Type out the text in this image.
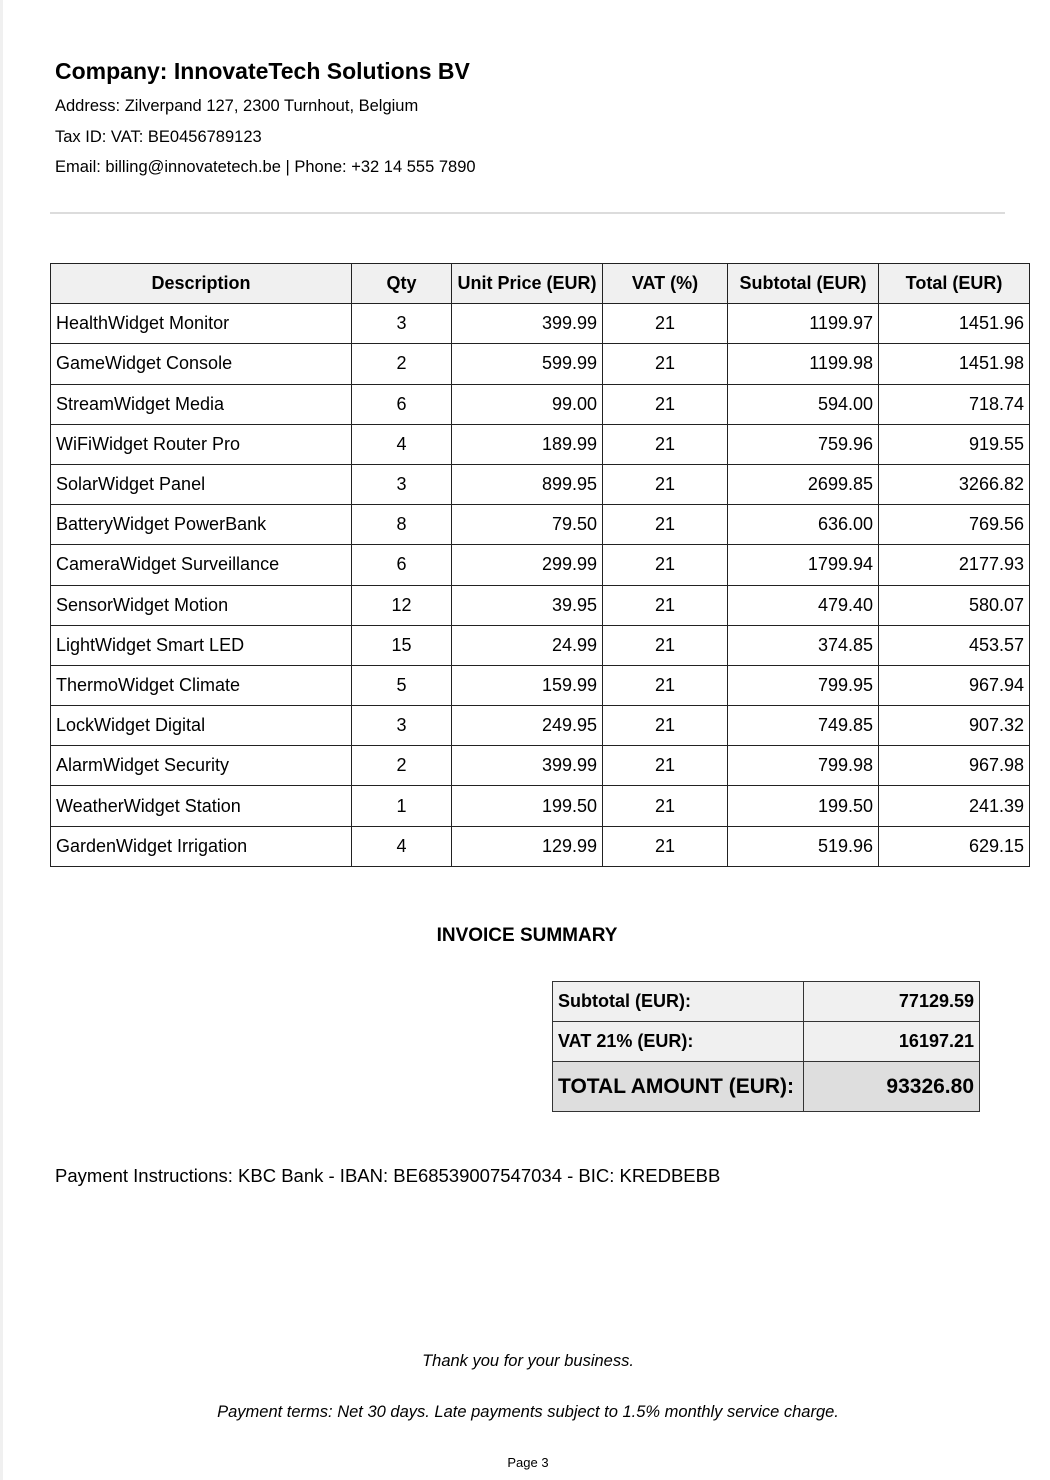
Company: InnovateTech Solutions BV
Address: Zilverpand 127, 2300 Turnhout, Belgium
Tax ID: VAT: BE0456789123
Email: billing@innovatetech.be | Phone: +32 14 555 7890
Description	Qty	Unit Price (EUR)	VAT (%)	Subtotal (EUR)	Total (EUR)
HealthWidget Monitor	3	399.99	21	1199.97	1451.96
GameWidget Console	2	599.99	21	1199.98	1451.98
StreamWidget Media	6	99.00	21	594.00	718.74
WiFiWidget Router Pro	4	189.99	21	759.96	919.55
SolarWidget Panel	3	899.95	21	2699.85	3266.82
BatteryWidget PowerBank	8	79.50	21	636.00	769.56
CameraWidget Surveillance	6	299.99	21	1799.94	2177.93
SensorWidget Motion	12	39.95	21	479.40	580.07
LightWidget Smart LED	15	24.99	21	374.85	453.57
ThermoWidget Climate	5	159.99	21	799.95	967.94
LockWidget Digital	3	249.95	21	749.85	907.32
AlarmWidget Security	2	399.99	21	799.98	967.98
WeatherWidget Station	1	199.50	21	199.50	241.39
GardenWidget Irrigation	4	129.99	21	519.96	629.15
INVOICE SUMMARY
Subtotal (EUR):	77129.59
VAT 21% (EUR):	16197.21
TOTAL AMOUNT (EUR):	93326.80
Payment Instructions: KBC Bank - IBAN: BE68539007547034 - BIC: KREDBEBB
Thank you for your business.
Payment terms: Net 30 days. Late payments subject to 1.5% monthly service charge.
Page 3
